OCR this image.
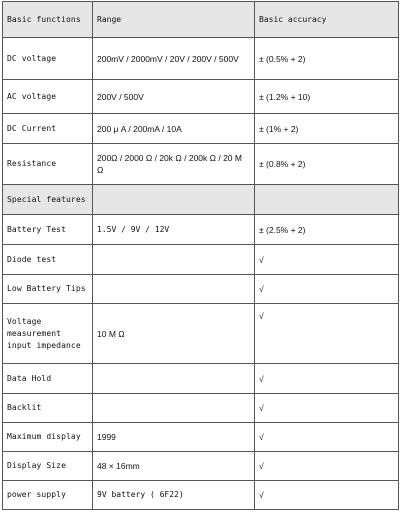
Basic functions	Range	Basic accuracy
DC voltage	200mV / 2000mV / 20V / 200V / 500V	± (0.5% + 2)
AC voltage	200V / 500V	± (1.2% + 10)
DC Current	200 μ A / 200mA / 10A	± (1% + 2)
Resistance	200Ω / 2000 Ω / 20k Ω / 200k Ω / 20 M Ω	± (0.8% + 2)
Special features		
Battery Test	1.5V / 9V / 12V	± (2.5% + 2)
Diode test		√
Low Battery Tips		√
Voltage measurement input impedance	10 M Ω	√
Data Hold		√
Backlit		√
Maximum display	1999	√
Display Size	48 × 16mm	√
power supply	9V battery ( 6F22)	√
